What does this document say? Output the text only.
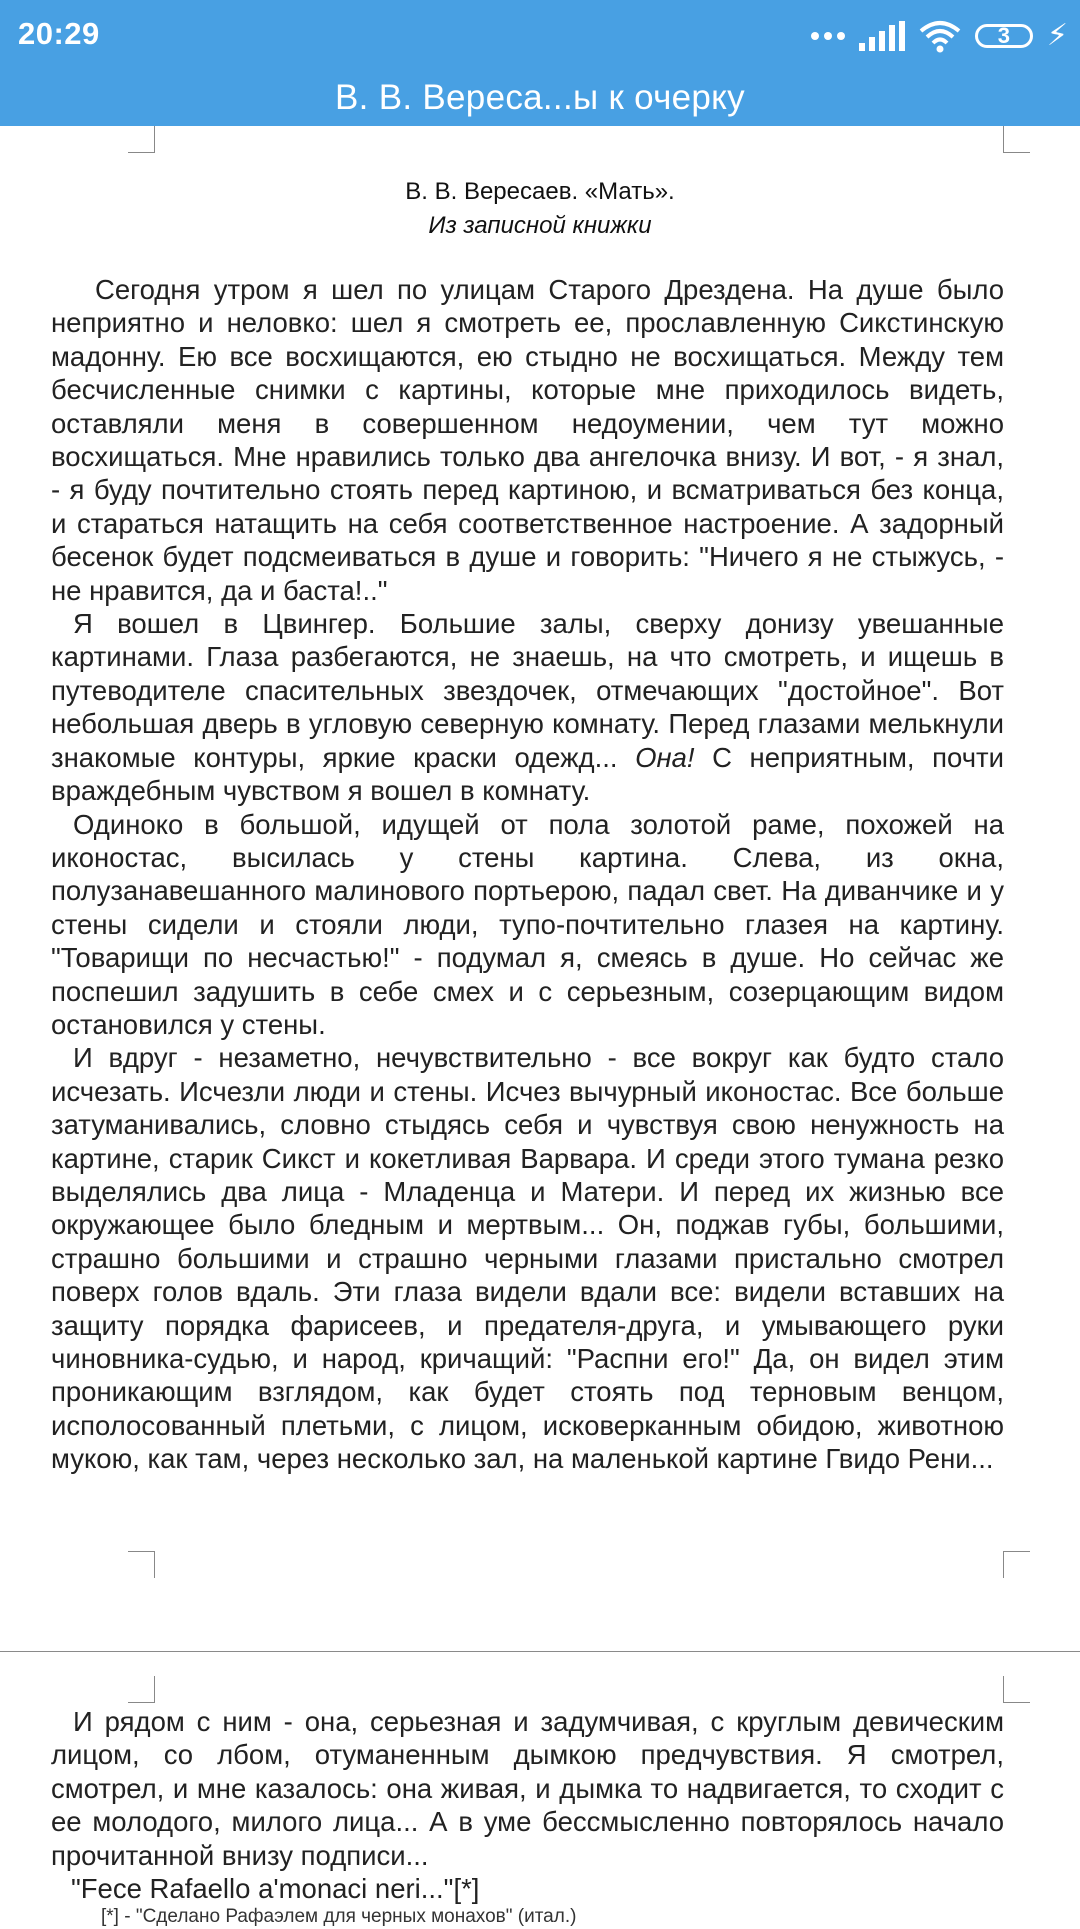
20:29	3	⚡
В. В. Вереса...ы к очерку
В. В. Вересаев. «Мать».
Из записной книжки

Сегодня утром я шел по улицам Старого Дрездена. На душе было неприятно и неловко: шел я смотреть ее, прославленную Сикстинскую мадонну. Ею все восхищаются, ею стыдно не восхищаться. Между тем бесчисленные снимки с картины, которые мне приходилось видеть, оставляли меня в совершенном недоумении, чем тут можно восхищаться. Мне нравились только два ангелочка внизу. И вот, - я знал, - я буду почтительно стоять перед картиною, и всматриваться без конца, и стараться натащить на себя соответственное настроение. А задорный бесенок будет подсмеиваться в душе и говорить: "Ничего я не стыжусь, - не нравится, да и баста!.."

Я вошел в Цвингер. Большие залы, сверху донизу увешанные картинами. Глаза разбегаются, не знаешь, на что смотреть, и ищешь в путеводителе спасительных звездочек, отмечающих "достойное". Вот небольшая дверь в угловую северную комнату. Перед глазами мелькнули знакомые контуры, яркие краски одежд... Она! С неприятным, почти враждебным чувством я вошел в комнату.

Одиноко в большой, идущей от пола золотой раме, похожей на иконостас, высилась у стены картина. Слева, из окна, полузанавешанного малинового портьерою, падал свет. На диванчике и у стены сидели и стояли люди, тупо-почтительно глазея на картину. "Товарищи по несчастью!" - подумал я, смеясь в душе. Но сейчас же поспешил задушить в себе смех и с серьезным, созерцающим видом остановился у стены.

И вдруг - незаметно, нечувствительно - все вокруг как будто стало исчезать. Исчезли люди и стены. Исчез вычурный иконостас. Все больше затуманивались, словно стыдясь себя и чувствуя свою ненужность на картине, старик Сикст и кокетливая Варвара. И среди этого тумана резко выделялись два лица - Младенца и Матери. И перед их жизнью все окружающее было бледным и мертвым... Он, поджав губы, большими, страшно большими и страшно черными глазами пристально смотрел поверх голов вдаль. Эти глаза видели вдали все: видели вставших на защиту порядка фарисеев, и предателя-друга, и умывающего руки чиновника-судью, и народ, кричащий: "Распни его!" Да, он видел этим проникающим взглядом, как будет стоять под терновым венцом, исполосованный плетьми, с лицом, исковерканным обидою, животною мукою, как там, через несколько зал, на маленькой картине Гвидо Рени...

И рядом с ним - она, серьезная и задумчивая, с круглым девическим лицом, со лбом, отуманенным дымкою предчувствия. Я смотрел, смотрел, и мне казалось: она живая, и дымка то надвигается, то сходит с ее молодого, милого лица... А в уме бессмысленно повторялось начало прочитанной внизу подписи...

"Fece Rafaello a'monaci neri..."[*]

[*] - "Сделано Рафаэлем для черных монахов" (итал.)
